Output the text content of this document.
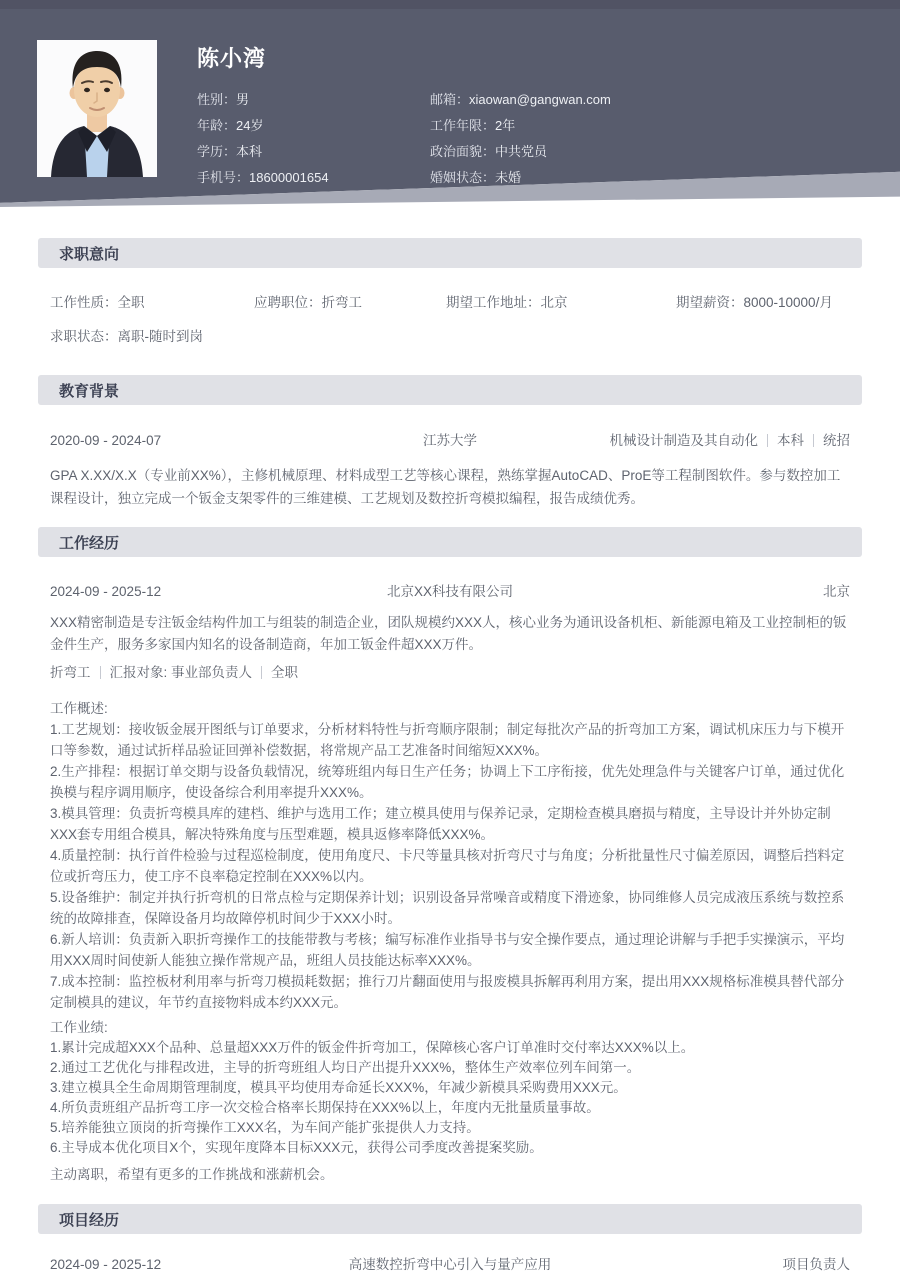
陈小湾
性别：男
年龄：24岁
学历：本科
手机号：18600001654
邮箱：xiaowan@gangwan.com
工作年限：2年
政治面貌：中共党员
婚姻状态：未婚
求职意向
工作性质：全职	应聘职位：折弯工	期望工作地址：北京	期望薪资：8000-10000/月
求职状态：离职-随时到岗
教育背景
2020-09 - 2024-07	江苏大学	机械设计制造及其自动化 本科 统招

GPA X.XX/X.X（专业前XX%），主修机械原理、材料成型工艺等核心课程，熟练掌握AutoCAD、ProE等工程制图软件。参与数控加工课程设计，独立完成一个钣金支架零件的三维建模、工艺规划及数控折弯模拟编程，报告成绩优秀。

工作经历
2024-09 - 2025-12	北京XX科技有限公司	北京

XXX精密制造是专注钣金结构件加工与组装的制造企业，团队规模约XXX人，核心业务为通讯设备机柜、新能源电箱及工业控制柜的钣金件生产，服务多家国内知名的设备制造商，年加工钣金件超XXX万件。

折弯工 汇报对象: 事业部负责人 全职
工作概述:
1.工艺规划：接收钣金展开图纸与订单要求，分析材料特性与折弯顺序限制；制定每批次产品的折弯加工方案，调试机床压力与下模开口等参数，通过试折样品验证回弹补偿数据，将常规产品工艺准备时间缩短XXX%。
2.生产排程：根据订单交期与设备负载情况，统筹班组内每日生产任务；协调上下工序衔接，优先处理急件与关键客户订单，通过优化换模与程序调用顺序，使设备综合利用率提升XXX%。
3.模具管理：负责折弯模具库的建档、维护与选用工作；建立模具使用与保养记录，定期检查模具磨损与精度，主导设计并外协定制XXX套专用组合模具，解决特殊角度与压型难题，模具返修率降低XXX%。
4.质量控制：执行首件检验与过程巡检制度，使用角度尺、卡尺等量具核对折弯尺寸与角度；分析批量性尺寸偏差原因，调整后挡料定位或折弯压力，使工序不良率稳定控制在XXX%以内。
5.设备维护：制定并执行折弯机的日常点检与定期保养计划；识别设备异常噪音或精度下滑迹象，协同维修人员完成液压系统与数控系统的故障排查，保障设备月均故障停机时间少于XXX小时。
6.新人培训：负责新入职折弯操作工的技能带教与考核；编写标准作业指导书与安全操作要点，通过理论讲解与手把手实操演示，平均用XXX周时间使新人能独立操作常规产品，班组人员技能达标率XXX%。
7.成本控制：监控板材利用率与折弯刀模损耗数据；推行刀片翻面使用与报废模具拆解再利用方案，提出用XXX规格标准模具替代部分定制模具的建议，年节约直接物料成本约XXX元。
工作业绩:
1.累计完成超XXX个品种、总量超XXX万件的钣金件折弯加工，保障核心客户订单准时交付率达XXX%以上。
2.通过工艺优化与排程改进，主导的折弯班组人均日产出提升XXX%，整体生产效率位列车间第一。
3.建立模具全生命周期管理制度，模具平均使用寿命延长XXX%，年减少新模具采购费用XXX元。
4.所负责班组产品折弯工序一次交检合格率长期保持在XXX%以上，年度内无批量质量事故。
5.培养能独立顶岗的折弯操作工XXX名，为车间产能扩张提供人力支持。
6.主导成本优化项目X个，实现年度降本目标XXX元，获得公司季度改善提案奖励。

主动离职，希望有更多的工作挑战和涨薪机会。

项目经历
2024-09 - 2025-12	高速数控折弯中心引入与量产应用	项目负责人
